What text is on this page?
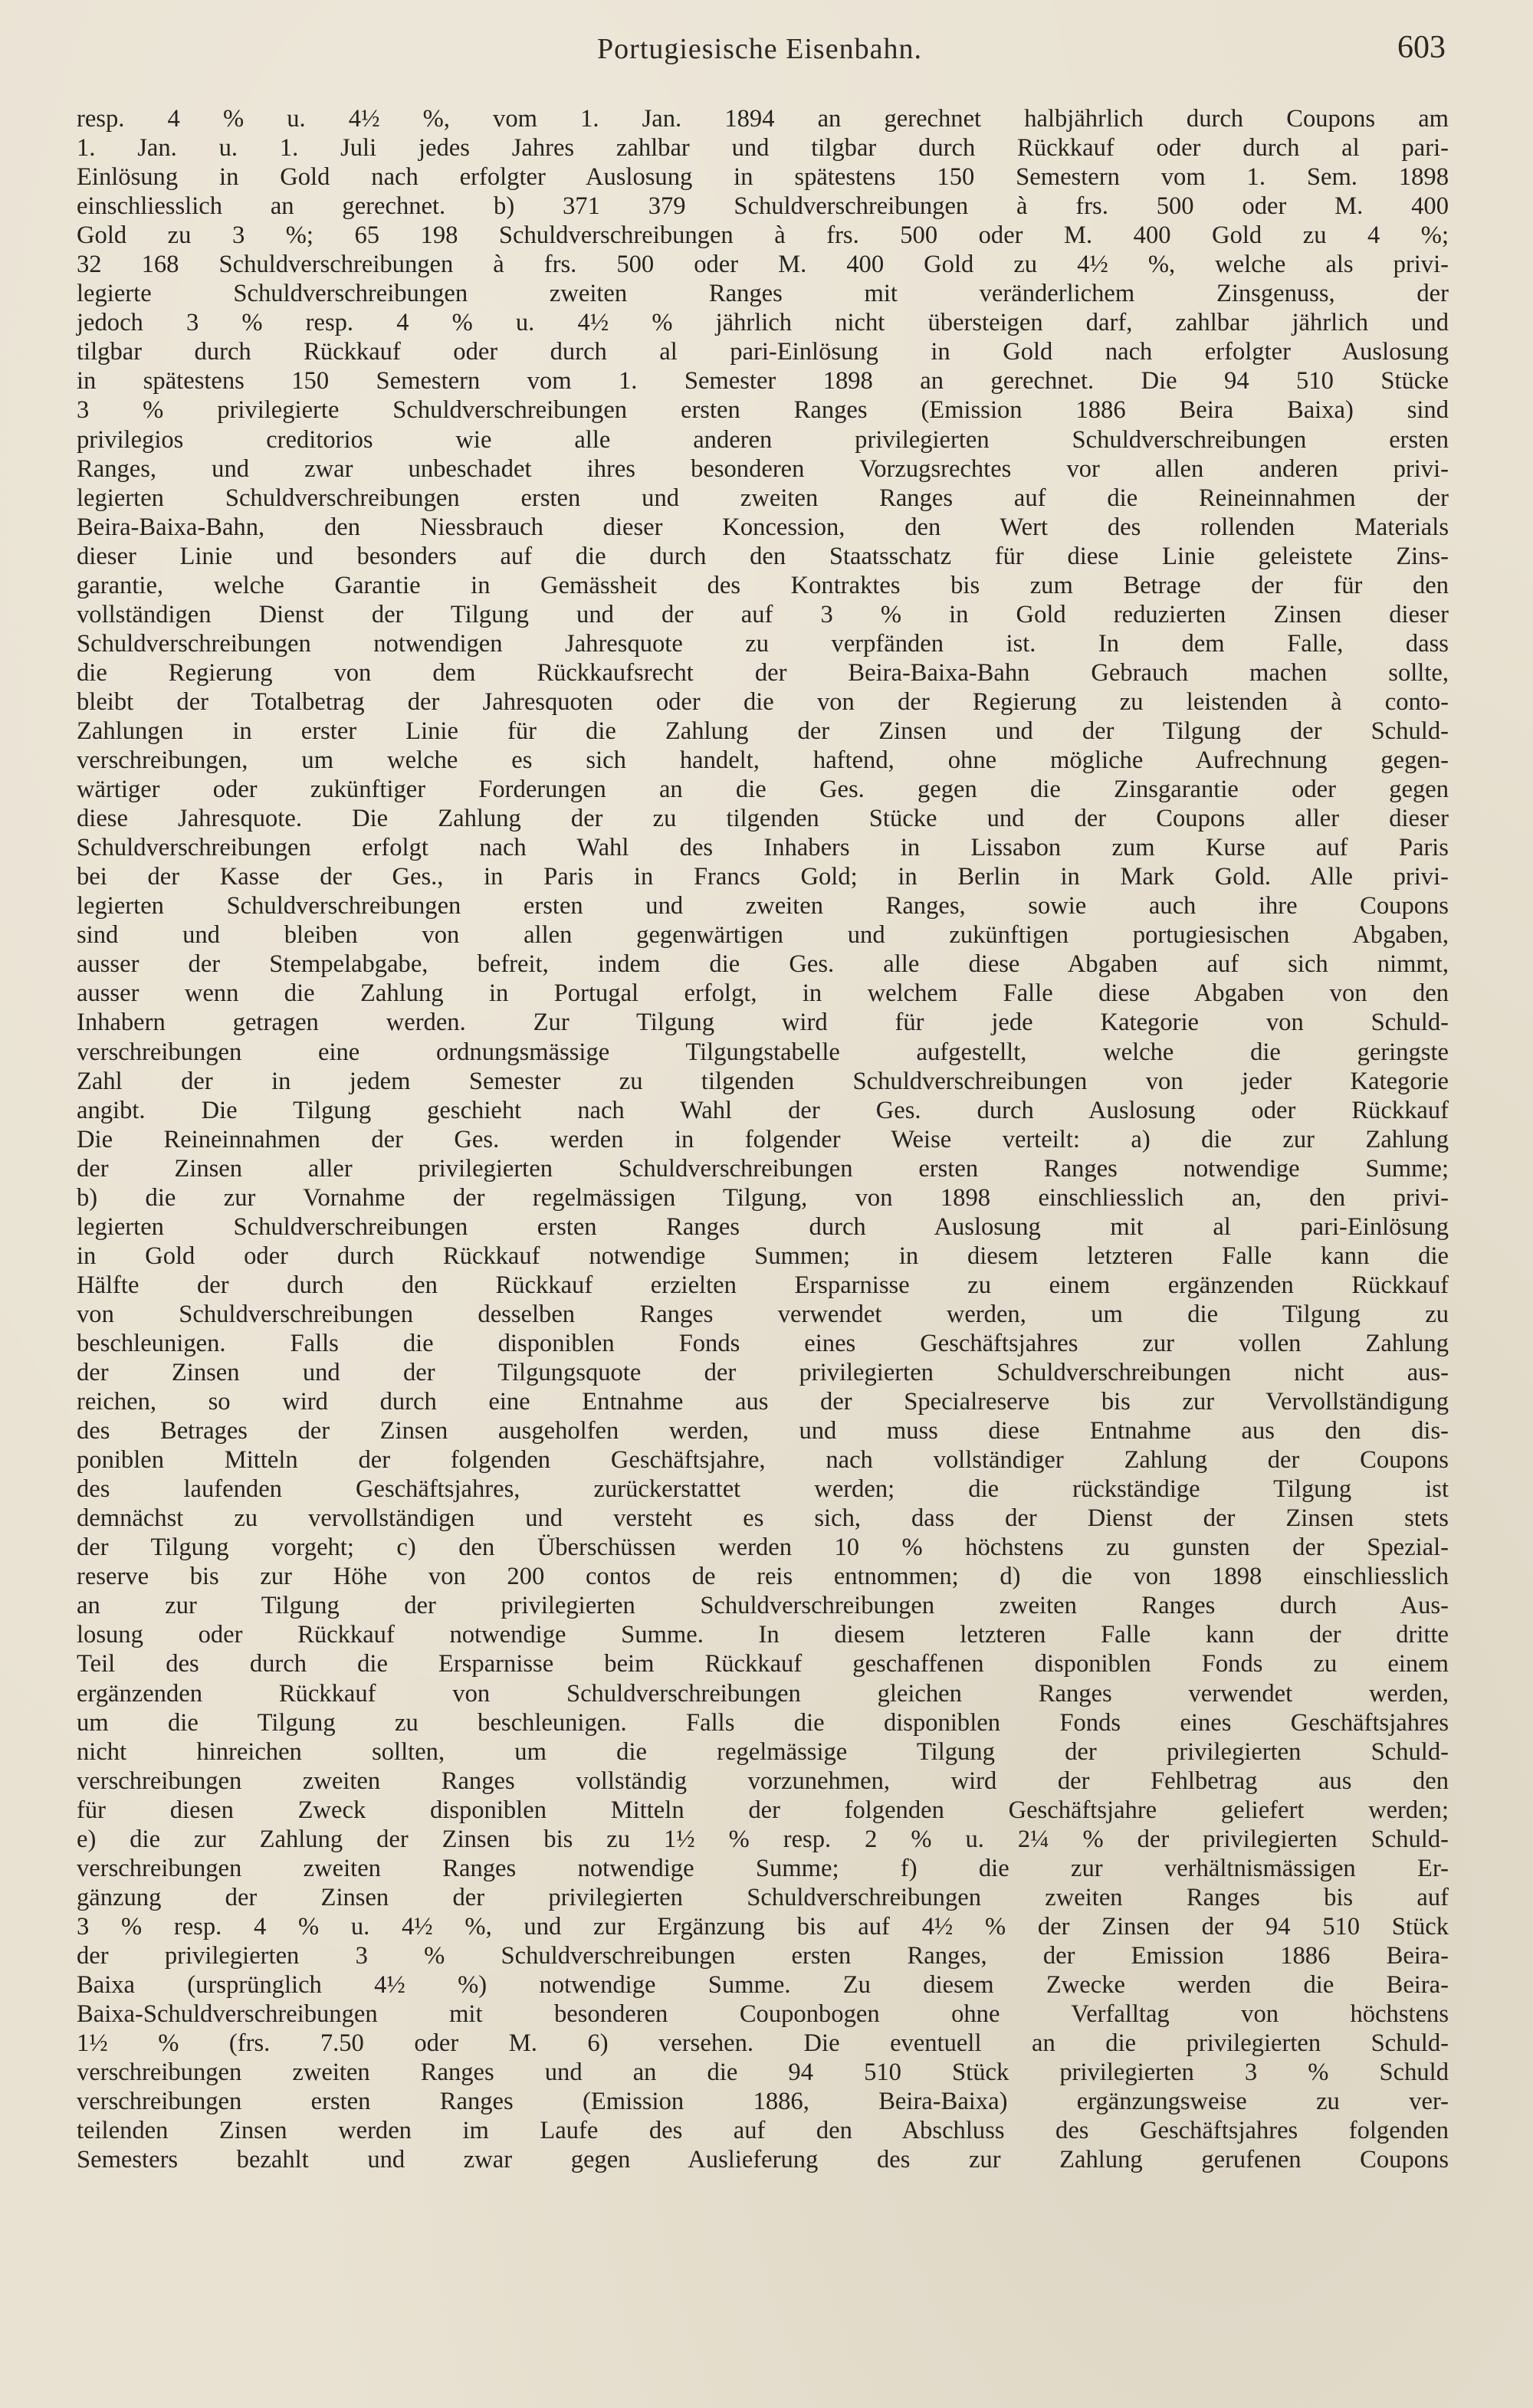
Portugiesische Eisenbahn.	603
resp. 4 % u. 4½ %, vom 1. Jan. 1894 an gerechnet halbjährlich durch Coupons am
1. Jan. u. 1. Juli jedes Jahres zahlbar und tilgbar durch Rückkauf oder durch al pari-
Einlösung in Gold nach erfolgter Auslosung in spätestens 150 Semestern vom 1. Sem. 1898
einschliesslich an gerechnet. b) 371 379 Schuldverschreibungen à frs. 500 oder M. 400
Gold zu 3 %; 65 198 Schuldverschreibungen à frs. 500 oder M. 400 Gold zu 4 %;
32 168 Schuldverschreibungen à frs. 500 oder M. 400 Gold zu 4½ %, welche als privi-
legierte Schuldverschreibungen zweiten Ranges mit veränderlichem Zinsgenuss, der
jedoch 3 % resp. 4 % u. 4½ % jährlich nicht übersteigen darf, zahlbar jährlich und
tilgbar durch Rückkauf oder durch al pari-Einlösung in Gold nach erfolgter Auslosung
in spätestens 150 Semestern vom 1. Semester 1898 an gerechnet. Die 94 510 Stücke
3 % privilegierte Schuldverschreibungen ersten Ranges (Emission 1886 Beira Baixa) sind
privilegios creditorios wie alle anderen privilegierten Schuldverschreibungen ersten
Ranges, und zwar unbeschadet ihres besonderen Vorzugsrechtes vor allen anderen privi-
legierten Schuldverschreibungen ersten und zweiten Ranges auf die Reineinnahmen der
Beira-Baixa-Bahn, den Niessbrauch dieser Koncession, den Wert des rollenden Materials
dieser Linie und besonders auf die durch den Staatsschatz für diese Linie geleistete Zins-
garantie, welche Garantie in Gemässheit des Kontraktes bis zum Betrage der für den
vollständigen Dienst der Tilgung und der auf 3 % in Gold reduzierten Zinsen dieser
Schuldverschreibungen notwendigen Jahresquote zu verpfänden ist. In dem Falle, dass
die Regierung von dem Rückkaufsrecht der Beira-Baixa-Bahn Gebrauch machen sollte,
bleibt der Totalbetrag der Jahresquoten oder die von der Regierung zu leistenden à conto-
Zahlungen in erster Linie für die Zahlung der Zinsen und der Tilgung der Schuld-
verschreibungen, um welche es sich handelt, haftend, ohne mögliche Aufrechnung gegen-
wärtiger oder zukünftiger Forderungen an die Ges. gegen die Zinsgarantie oder gegen
diese Jahresquote. Die Zahlung der zu tilgenden Stücke und der Coupons aller dieser
Schuldverschreibungen erfolgt nach Wahl des Inhabers in Lissabon zum Kurse auf Paris
bei der Kasse der Ges., in Paris in Francs Gold; in Berlin in Mark Gold. Alle privi-
legierten Schuldverschreibungen ersten und zweiten Ranges, sowie auch ihre Coupons
sind und bleiben von allen gegenwärtigen und zukünftigen portugiesischen Abgaben,
ausser der Stempelabgabe, befreit, indem die Ges. alle diese Abgaben auf sich nimmt,
ausser wenn die Zahlung in Portugal erfolgt, in welchem Falle diese Abgaben von den
Inhabern getragen werden. Zur Tilgung wird für jede Kategorie von Schuld-
verschreibungen eine ordnungsmässige Tilgungstabelle aufgestellt, welche die geringste
Zahl der in jedem Semester zu tilgenden Schuldverschreibungen von jeder Kategorie
angibt. Die Tilgung geschieht nach Wahl der Ges. durch Auslosung oder Rückkauf
Die Reineinnahmen der Ges. werden in folgender Weise verteilt: a) die zur Zahlung
der Zinsen aller privilegierten Schuldverschreibungen ersten Ranges notwendige Summe;
b) die zur Vornahme der regelmässigen Tilgung, von 1898 einschliesslich an, den privi-
legierten Schuldverschreibungen ersten Ranges durch Auslosung mit al pari-Einlösung
in Gold oder durch Rückkauf notwendige Summen; in diesem letzteren Falle kann die
Hälfte der durch den Rückkauf erzielten Ersparnisse zu einem ergänzenden Rückkauf
von Schuldverschreibungen desselben Ranges verwendet werden, um die Tilgung zu
beschleunigen. Falls die disponiblen Fonds eines Geschäftsjahres zur vollen Zahlung
der Zinsen und der Tilgungsquote der privilegierten Schuldverschreibungen nicht aus-
reichen, so wird durch eine Entnahme aus der Specialreserve bis zur Vervollständigung
des Betrages der Zinsen ausgeholfen werden, und muss diese Entnahme aus den dis-
poniblen Mitteln der folgenden Geschäftsjahre, nach vollständiger Zahlung der Coupons
des laufenden Geschäftsjahres, zurückerstattet werden; die rückständige Tilgung ist
demnächst zu vervollständigen und versteht es sich, dass der Dienst der Zinsen stets
der Tilgung vorgeht; c) den Überschüssen werden 10 % höchstens zu gunsten der Spezial-
reserve bis zur Höhe von 200 contos de reis entnommen; d) die von 1898 einschliesslich
an zur Tilgung der privilegierten Schuldverschreibungen zweiten Ranges durch Aus-
losung oder Rückkauf notwendige Summe. In diesem letzteren Falle kann der dritte
Teil des durch die Ersparnisse beim Rückkauf geschaffenen disponiblen Fonds zu einem
ergänzenden Rückkauf von Schuldverschreibungen gleichen Ranges verwendet werden,
um die Tilgung zu beschleunigen. Falls die disponiblen Fonds eines Geschäftsjahres
nicht hinreichen sollten, um die regelmässige Tilgung der privilegierten Schuld-
verschreibungen zweiten Ranges vollständig vorzunehmen, wird der Fehlbetrag aus den
für diesen Zweck disponiblen Mitteln der folgenden Geschäftsjahre geliefert werden;
e) die zur Zahlung der Zinsen bis zu 1½ % resp. 2 % u. 2¼ % der privilegierten Schuld-
verschreibungen zweiten Ranges notwendige Summe; f) die zur verhältnismässigen Er-
gänzung der Zinsen der privilegierten Schuldverschreibungen zweiten Ranges bis auf
3 % resp. 4 % u. 4½ %, und zur Ergänzung bis auf 4½ % der Zinsen der 94 510 Stück
der privilegierten 3 % Schuldverschreibungen ersten Ranges, der Emission 1886 Beira-
Baixa (ursprünglich 4½ %) notwendige Summe. Zu diesem Zwecke werden die Beira-
Baixa-Schuldverschreibungen mit besonderen Couponbogen ohne Verfalltag von höchstens
1½ % (frs. 7.50 oder M. 6) versehen. Die eventuell an die privilegierten Schuld-
verschreibungen zweiten Ranges und an die 94 510 Stück privilegierten 3 % Schuld
verschreibungen ersten Ranges (Emission 1886, Beira-Baixa) ergänzungsweise zu ver-
teilenden Zinsen werden im Laufe des auf den Abschluss des Geschäftsjahres folgenden
Semesters bezahlt und zwar gegen Auslieferung des zur Zahlung gerufenen Coupons
